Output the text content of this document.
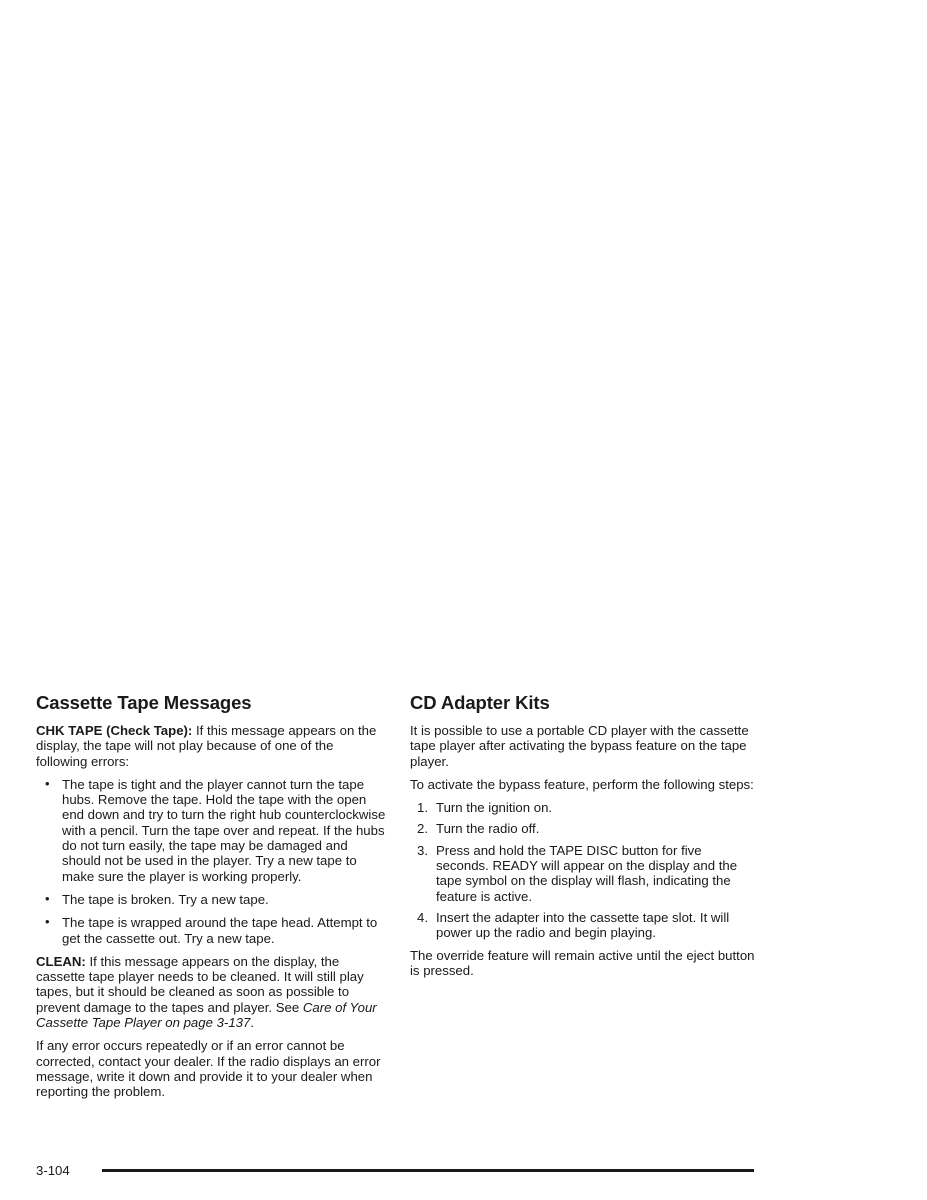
Cassette Tape Messages

CHK TAPE (Check Tape): If this message appears on the display, the tape will not play because of one of the following errors:

• The tape is tight and the player cannot turn the tape hubs. Remove the tape. Hold the tape with the open end down and try to turn the right hub counterclockwise with a pencil. Turn the tape over and repeat. If the hubs do not turn easily, the tape may be damaged and should not be used in the player. Try a new tape to make sure the player is working properly.
• The tape is broken. Try a new tape.
• The tape is wrapped around the tape head. Attempt to get the cassette out. Try a new tape.

CLEAN: If this message appears on the display, the cassette tape player needs to be cleaned. It will still play tapes, but it should be cleaned as soon as possible to prevent damage to the tapes and player. See Care of Your Cassette Tape Player on page 3-137.

If any error occurs repeatedly or if an error cannot be corrected, contact your dealer. If the radio displays an error message, write it down and provide it to your dealer when reporting the problem.

CD Adapter Kits

It is possible to use a portable CD player with the cassette tape player after activating the bypass feature on the tape player.

To activate the bypass feature, perform the following steps:

1. Turn the ignition on.
2. Turn the radio off.
3. Press and hold the TAPE DISC button for five seconds. READY will appear on the display and the tape symbol on the display will flash, indicating the feature is active.
4. Insert the adapter into the cassette tape slot. It will power up the radio and begin playing.

The override feature will remain active until the eject button is pressed.

3-104
